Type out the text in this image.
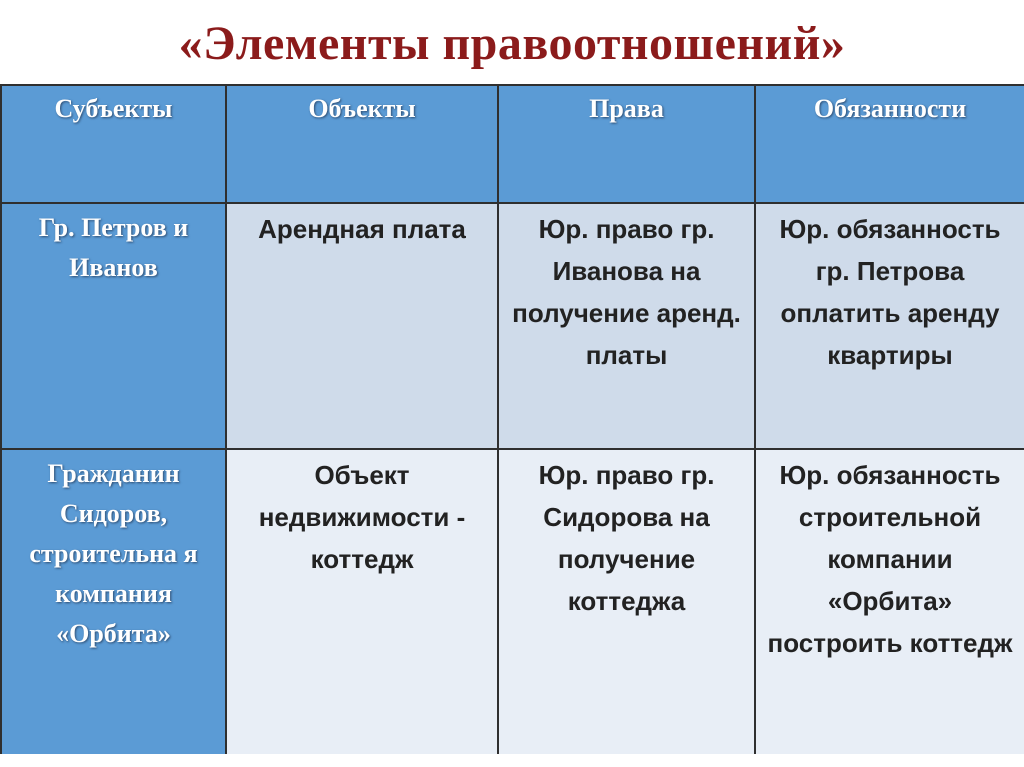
«Элементы правоотношений»
Субъекты	Объекты	Права	Обязанности
Гр. Петров и Иванов	Арендная плата	Юр. право гр. Иванова на получение аренд. платы	Юр. обязанность гр. Петрова оплатить аренду квартиры
Гражданин Сидоров, строительна я компания «Орбита»	Объект недвижимости - коттедж	Юр. право гр. Сидорова на получение коттеджа	Юр. обязанность строительной компании «Орбита» построить коттедж
